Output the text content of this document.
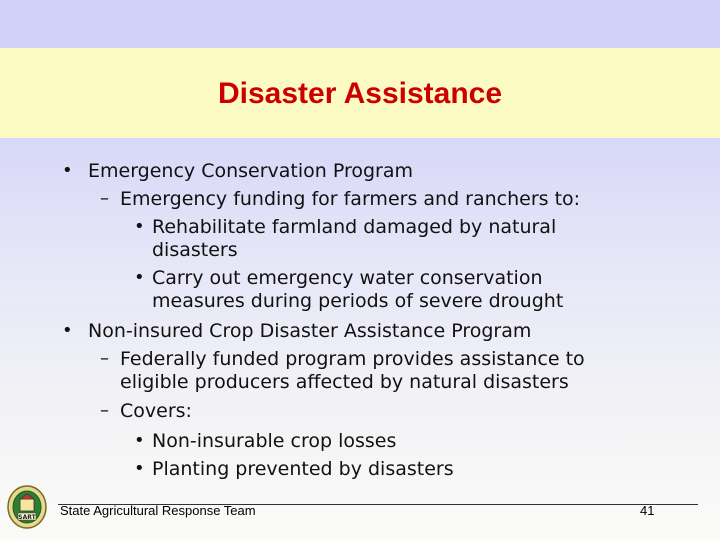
Disaster Assistance
• Emergency Conservation Program
– Emergency funding for farmers and ranchers to:
• Rehabilitate farmland damaged by natural
disasters
• Carry out emergency water conservation
measures during periods of severe drought
• Non-insured Crop Disaster Assistance Program
– Federally funded program provides assistance to
eligible producers affected by natural disasters
– Covers:
• Non-insurable crop losses
• Planting prevented by disasters
SART State Agricultural Response Team	41
